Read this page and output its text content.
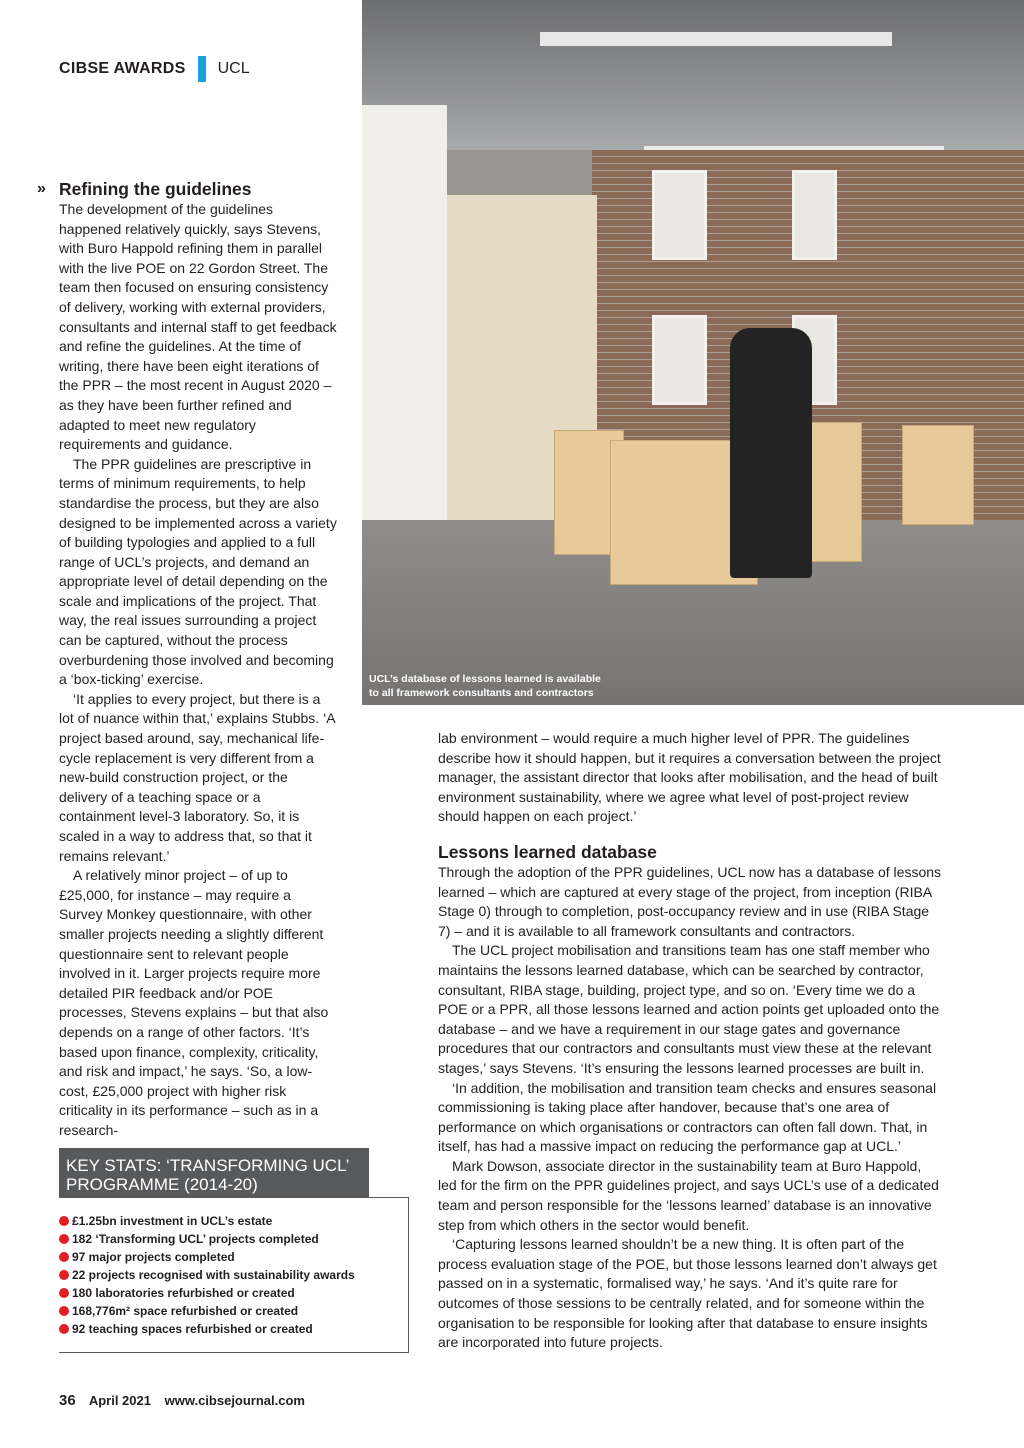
CIBSE AWARDS UCL
» Refining the guidelines

The development of the guidelines happened relatively quickly, says Stevens, with Buro Happold refining them in parallel with the live POE on 22 Gordon Street. The team then focused on ensuring consistency of delivery, working with external providers, consultants and internal staff to get feedback and refine the guidelines. At the time of writing, there have been eight iterations of the PPR – the most recent in August 2020 – as they have been further refined and adapted to meet new regulatory requirements and guidance.

The PPR guidelines are prescriptive in terms of minimum requirements, to help standardise the process, but they are also designed to be implemented across a variety of building typologies and applied to a full range of UCL’s projects, and demand an appropriate level of detail depending on the scale and implications of the project. That way, the real issues surrounding a project can be captured, without the process overburdening those involved and becoming a ‘box-ticking’ exercise.

‘It applies to every project, but there is a lot of nuance within that,’ explains Stubbs. ‘A project based around, say, mechanical life-cycle replacement is very different from a new-build construction project, or the delivery of a teaching space or a containment level-3 laboratory. So, it is scaled in a way to address that, so that it remains relevant.’

A relatively minor project – of up to £25,000, for instance – may require a Survey Monkey questionnaire, with other smaller projects needing a slightly different questionnaire sent to relevant people involved in it. Larger projects require more detailed PIR feedback and/or POE processes, Stevens explains – but that also depends on a range of other factors. ‘It’s based upon finance, complexity, criticality, and risk and impact,’ he says. ‘So, a low-cost, £25,000 project with higher risk criticality in its performance – such as in a research-

UCL’s database of lessons learned is available
to all framework consultants and contractors

lab environment – would require a much higher level of PPR. The guidelines describe how it should happen, but it requires a conversation between the project manager, the assistant director that looks after mobilisation, and the head of built environment sustainability, where we agree what level of post-project review should happen on each project.’

Lessons learned database

Through the adoption of the PPR guidelines, UCL now has a database of lessons learned – which are captured at every stage of the project, from inception (RIBA Stage 0) through to completion, post-occupancy review and in use (RIBA Stage 7) – and it is available to all framework consultants and contractors.

The UCL project mobilisation and transitions team has one staff member who maintains the lessons learned database, which can be searched by contractor, consultant, RIBA stage, building, project type, and so on. ‘Every time we do a POE or a PPR, all those lessons learned and action points get uploaded onto the database – and we have a requirement in our stage gates and governance procedures that our contractors and consultants must view these at the relevant stages,’ says Stevens. ‘It’s ensuring the lessons learned processes are built in.

‘In addition, the mobilisation and transition team checks and ensures seasonal commissioning is taking place after handover, because that’s one area of performance on which organisations or contractors can often fall down. That, in itself, has had a massive impact on reducing the performance gap at UCL.’

Mark Dowson, associate director in the sustainability team at Buro Happold, led for the firm on the PPR guidelines project, and says UCL’s use of a dedicated team and person responsible for the ‘lessons learned’ database is an innovative step from which others in the sector would benefit.

‘Capturing lessons learned shouldn’t be a new thing. It is often part of the process evaluation stage of the POE, but those lessons learned don’t always get passed on in a systematic, formalised way,’ he says. ‘And it’s quite rare for outcomes of those sessions to be centrally related, and for someone within the organisation to be responsible for looking after that database to ensure insights are incorporated into future projects.

KEY STATS: ‘TRANSFORMING UCL’
PROGRAMME (2014-20)
£1.25bn investment in UCL’s estate
182 ‘Transforming UCL’ projects completed
97 major projects completed
22 projects recognised with sustainability awards
180 laboratories refurbished or created
168,776m² space refurbished or created
92 teaching spaces refurbished or created
36 April 2021 www.cibsejournal.com
